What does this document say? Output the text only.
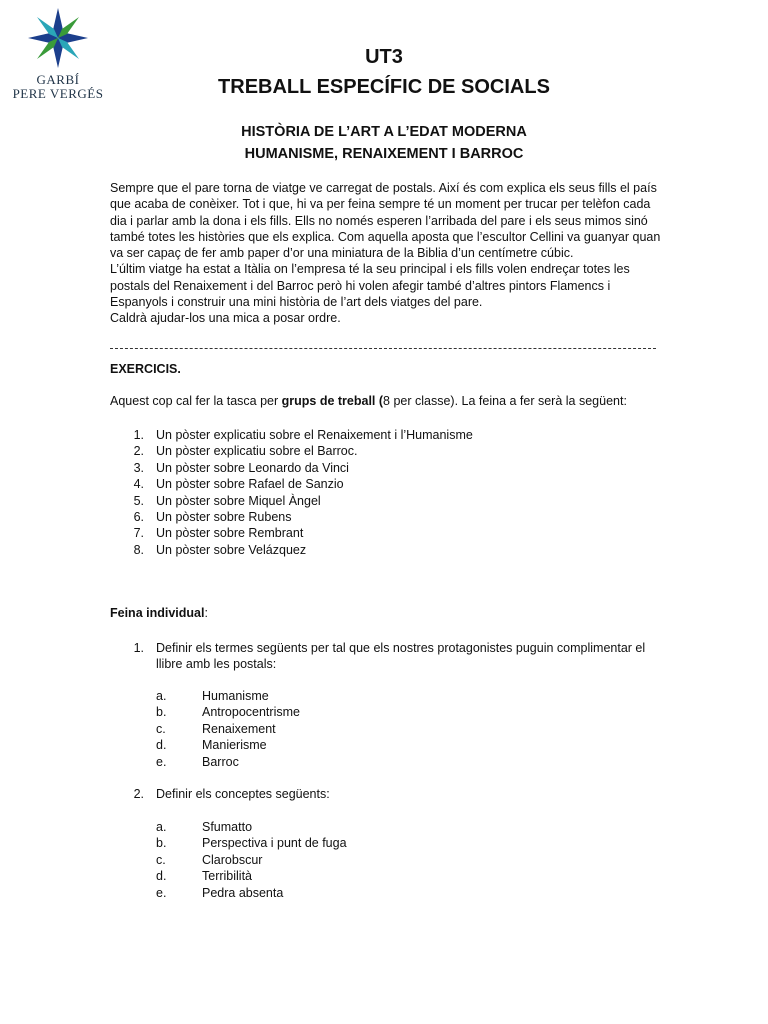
GARBÍ
PERE VERGÉS
UT3
TREBALL ESPECÍFIC DE SOCIALS
HISTÒRIA DE L’ART A L’EDAT MODERNA
HUMANISME, RENAIXEMENT I BARROC

Sempre que el pare torna de viatge ve carregat de postals. Així és com explica els seus fills el país que acaba de conèixer. Tot i que, hi va per feina sempre té un moment per trucar per telèfon cada dia i parlar amb la dona i els fills. Ells no només esperen l’arribada del pare i els seus mimos sinó també totes les històries que els explica. Com aquella aposta que l’escultor Cellini va guanyar quan va ser capaç de fer amb paper d’or una miniatura de la Biblia d’un centímetre cúbic.

L’últim viatge ha estat a Itàlia on l’empresa té la seu principal i els fills volen endreçar totes les postals del Renaixement i del Barroc però hi volen afegir també d’altres pintors Flamencs i Espanyols i construir una mini història de l’art dels viatges del pare.

Caldrà ajudar-los una mica a posar ordre.

EXERCICIS.
Aquest cop cal fer la tasca per grups de treball (8 per classe). La feina a fer serà la següent:
1. Un pòster explicatiu sobre el Renaixement i l’Humanisme
2. Un pòster explicatiu sobre el Barroc.
3. Un pòster sobre Leonardo da Vinci
4. Un pòster sobre Rafael de Sanzio
5. Un pòster sobre Miquel Àngel
6. Un pòster sobre Rubens
7. Un pòster sobre Rembrant
8. Un pòster sobre Velázquez
Feina individual:
1. Definir els termes següents per tal que els nostres protagonistes puguin complimentar el llibre amb les postals:
a.	Humanisme
b.	Antropocentrisme
c.	Renaixement
d.	Manierisme
e.	Barroc
2. Definir els conceptes següents:
a.	Sfumatto
b.	Perspectiva i punt de fuga
c.	Clarobscur
d.	Terribilità
e.	Pedra absenta
